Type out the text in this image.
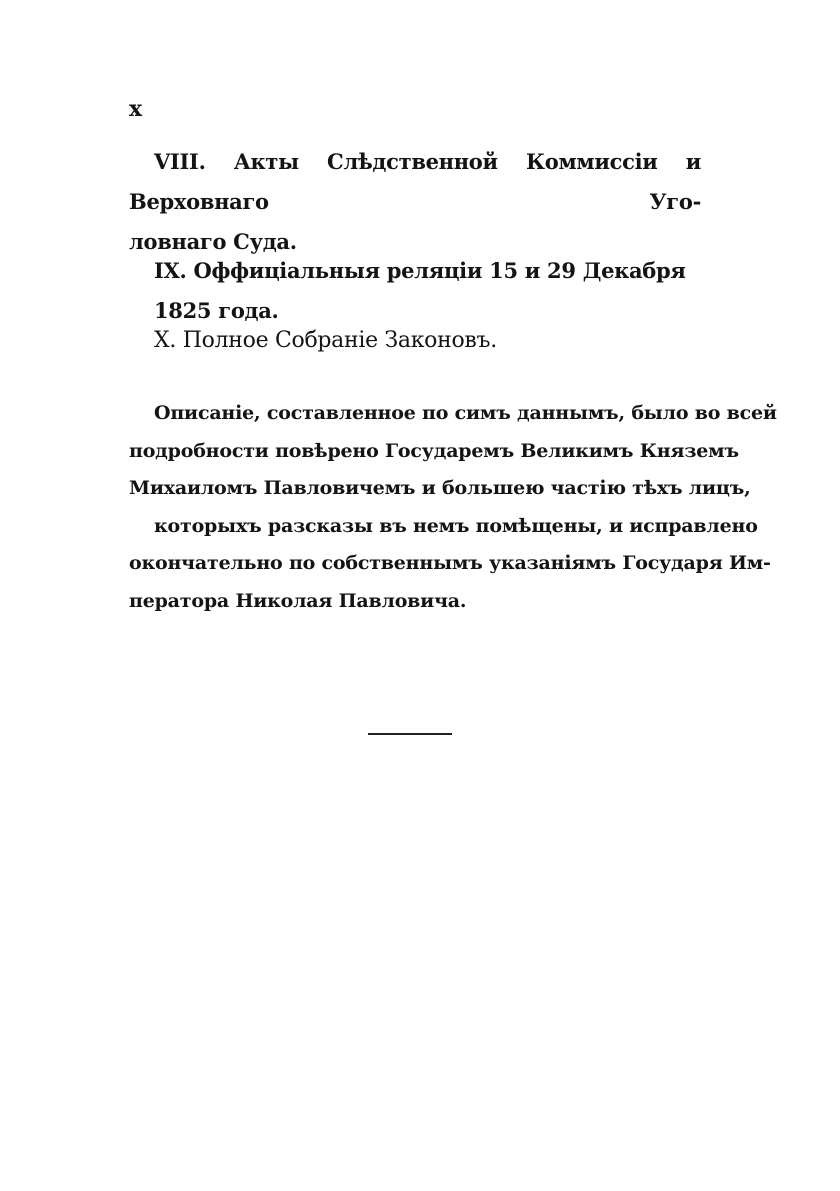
x

VIII. Акты Слѣдственной Коммиссіи и Верховнаго Уго-
ловнаго Суда.

IX. Оффиціальныя реляціи 15 и 29 Декабря 1825 года.

X. Полное Собраніе Законовъ.

Описаніе, составленное по симъ даннымъ, было во всей
подробности повѣрено Государемъ Великимъ Княземъ
Михаиломъ Павловичемъ и большею частію тѣхъ лицъ,
которыхъ разсказы въ немъ помѣщены, и исправлено
окончательно по собственнымъ указаніямъ Государя Им-
ператора Николая Павловича.
